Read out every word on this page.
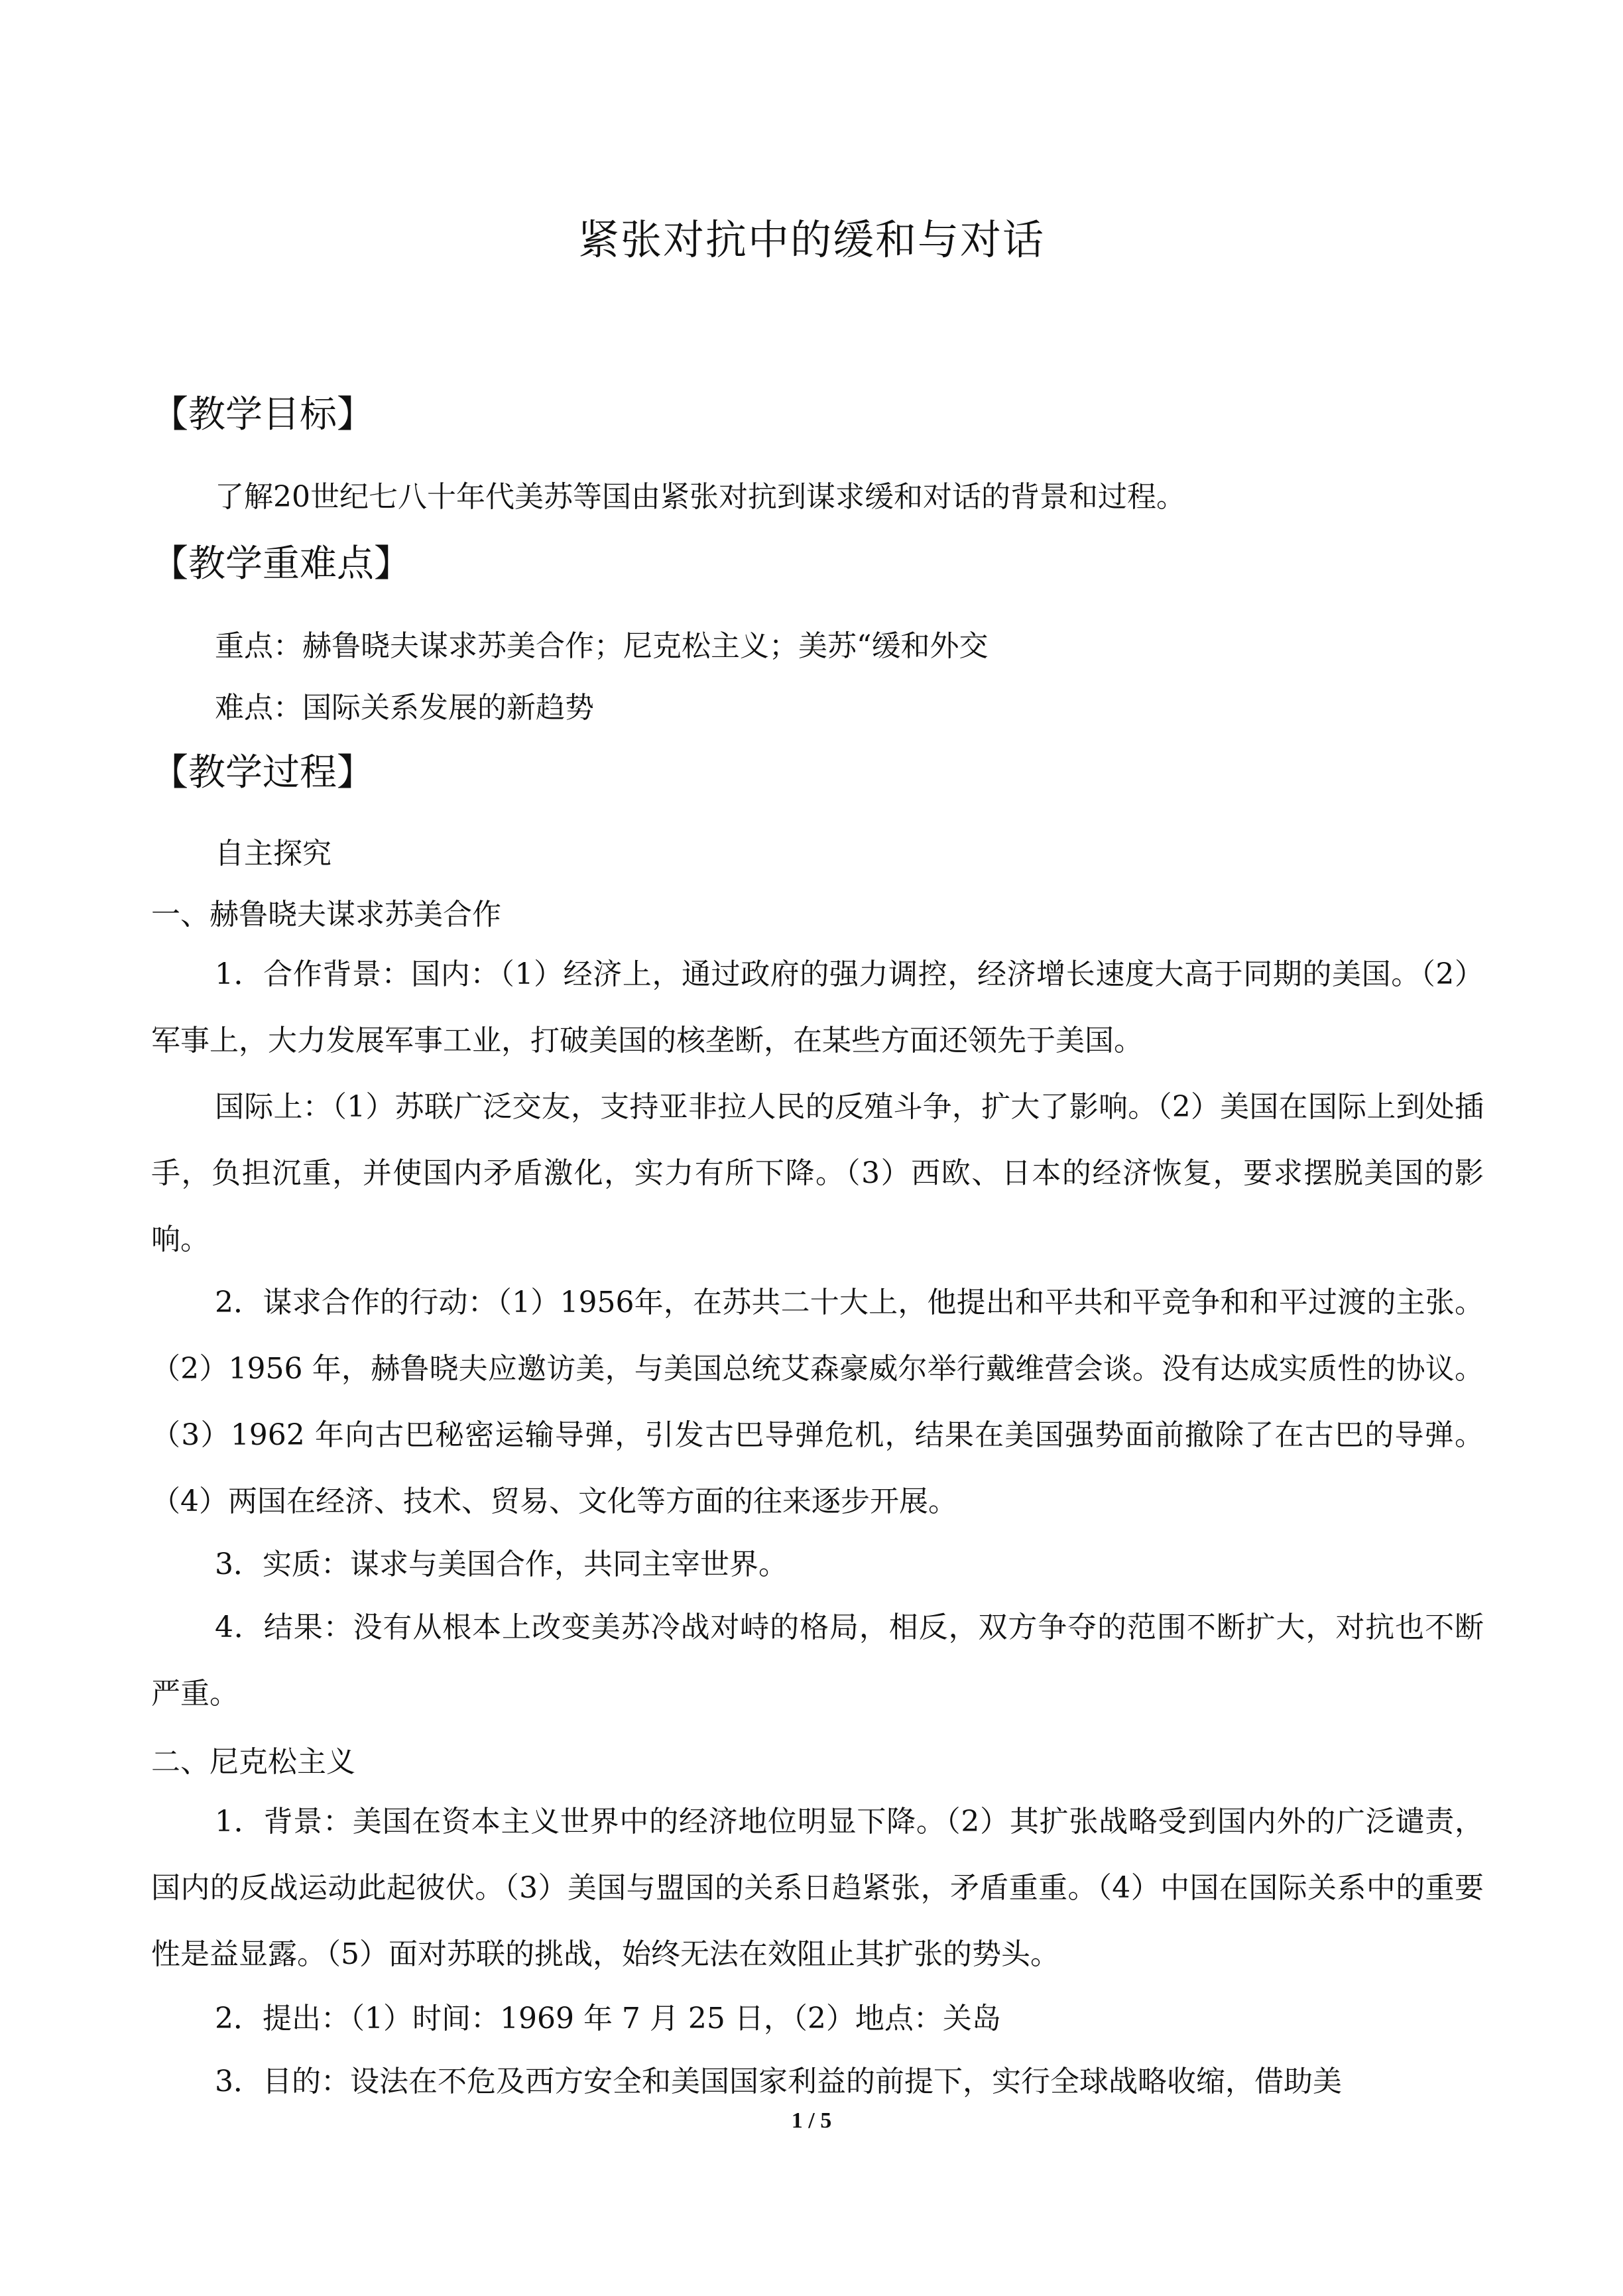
紧张对抗中的缓和与对话
【教学目标】
了解20世纪七八十年代美苏等国由紧张对抗到谋求缓和对话的背景和过程。
【教学重难点】
重点：赫鲁晓夫谋求苏美合作；尼克松主义；美苏“缓和外交
难点：国际关系发展的新趋势
【教学过程】
自主探究
一、赫鲁晓夫谋求苏美合作
1．合作背景：国内：（1）经济上，通过政府的强力调控，经济增长速度大高于同期的美国。（2）军事上，大力发展军事工业，打破美国的核垄断，在某些方面还领先于美国。
国际上：（1）苏联广泛交友，支持亚非拉人民的反殖斗争，扩大了影响。（2）美国在国际上到处插手，负担沉重，并使国内矛盾激化，实力有所下降。（3）西欧、日本的经济恢复，要求摆脱美国的影响。
2．谋求合作的行动：（1）1956年，在苏共二十大上，他提出和平共和平竞争和和平过渡的主张。（2）1956 年，赫鲁晓夫应邀访美，与美国总统艾森豪威尔举行戴维营会谈。没有达成实质性的协议。（3）1962 年向古巴秘密运输导弹，引发古巴导弹危机，结果在美国强势面前撤除了在古巴的导弹。（4）两国在经济、技术、贸易、文化等方面的往来逐步开展。
3．实质：谋求与美国合作，共同主宰世界。
4．结果：没有从根本上改变美苏冷战对峙的格局，相反，双方争夺的范围不断扩大，对抗也不断严重。
二、尼克松主义
1．背景：美国在资本主义世界中的经济地位明显下降。（2）其扩张战略受到国内外的广泛谴责，国内的反战运动此起彼伏。（3）美国与盟国的关系日趋紧张，矛盾重重。（4）中国在国际关系中的重要性是益显露。（5）面对苏联的挑战，始终无法在效阻止其扩张的势头。
2．提出：（1）时间：1969 年 7 月 25 日，（2）地点：关岛
3．目的：设法在不危及西方安全和美国国家利益的前提下，实行全球战略收缩，借助美
1 / 5
